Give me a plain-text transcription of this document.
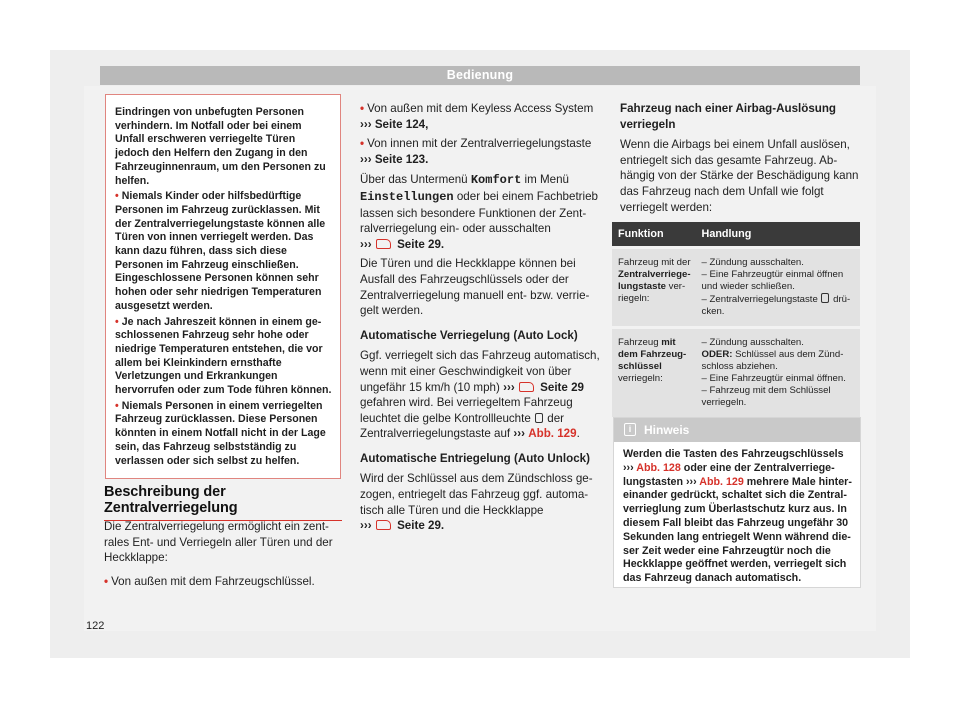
Bedienung

Eindringen von unbefugten Personen verhindern. Im Notfall oder bei einem Unfall erschweren verriegelte Türen jedoch den Helfern den Zugang in den Fahrzeuginnenraum, um den Personen zu helfen.

• Niemals Kinder oder hilfsbedürftige Personen im Fahrzeug zurücklassen. Mit der Zentralverriegelungstaste können alle Türen von innen verriegelt werden. Das kann dazu führen, dass sich diese Personen im Fahrzeug einschließen. Eingeschlossene Personen können sehr hohen oder sehr niedrigen Temperaturen ausgesetzt werden.
• Je nach Jahreszeit können in einem geschlossenen Fahrzeug sehr hohe oder niedrige Temperaturen entstehen, die vor allem bei Kleinkindern ernsthafte Verletzungen und Erkrankungen hervorrufen oder zum Tode führen können.
• Niemals Personen in einem verriegelten Fahrzeug zurücklassen. Diese Personen könnten in einem Notfall nicht in der Lage sein, das Fahrzeug selbstständig zu verlassen oder sich selbst zu helfen.
Beschreibung der Zentralverriegelung
Die Zentralverriegelung ermöglicht ein zentrales Ent- und Verriegeln aller Türen und der Heckklappe:
• Von außen mit dem Fahrzeugschlüssel.
• Von außen mit dem Keyless Access System
››› Seite 124,
• Von innen mit der Zentralverriegelungstaste ››› Seite 123.
Über das Untermenü Komfort im Menü Einstellungen oder bei einem Fachbetrieb lassen sich besondere Funktionen der Zentralverriegelung ein- oder ausschalten
››› Seite 29.
Die Türen und die Heckklappe können bei Ausfall des Fahrzeugschlüssels oder der Zentralverriegelung manuell ent- bzw. verriegelt werden.
Automatische Verriegelung (Auto Lock)
Ggf. verriegelt sich das Fahrzeug automatisch, wenn mit einer Geschwindigkeit von über ungefähr 15 km/h (10 mph) ››› Seite 29 gefahren wird. Bei verriegeltem Fahrzeug leuchtet die gelbe Kontrollleuchte der Zentralverriegelungstaste auf ››› Abb. 129.
Automatische Entriegelung (Auto Unlock)
Wird der Schlüssel aus dem Zündschloss gezogen, entriegelt das Fahrzeug ggf. automatisch alle Türen und die Heckklappe
››› Seite 29.
Fahrzeug nach einer Airbag-Auslösung verriegeln
Wenn die Airbags bei einem Unfall auslösen, entriegelt sich das gesamte Fahrzeug. Abhängig von der Stärke der Beschädigung kann das Fahrzeug nach dem Unfall wie folgt verriegelt werden:
Funktion	Handlung
Fahrzeug mit der Zentralverriegelungstaste verriegeln:	– Zündung ausschalten.
– Eine Fahrzeugtür einmal öffnen und wieder schließen.
– Zentralverriegelungstaste drücken.

Fahrzeug mit dem Fahrzeugschlüssel verriegeln:	– Zündung ausschalten.
ODER: Schlüssel aus dem Zündschloss abziehen.
– Eine Fahrzeugtür einmal öffnen.
– Fahrzeug mit dem Schlüssel verriegeln.
i	Hinweis
Werden die Tasten des Fahrzeugschlüssels ››› Abb. 128 oder eine der Zentralverriegelungstasten ››› Abb. 129 mehrere Male hintereinander gedrückt, schaltet sich die Zentralverrieglung zum Überlastschutz kurz aus. In diesem Fall bleibt das Fahrzeug ungefähr 30 Sekunden lang entriegelt Wenn während dieser Zeit weder eine Fahrzeugtür noch die Heckklappe geöffnet werden, verriegelt sich das Fahrzeug danach automatisch.
122
